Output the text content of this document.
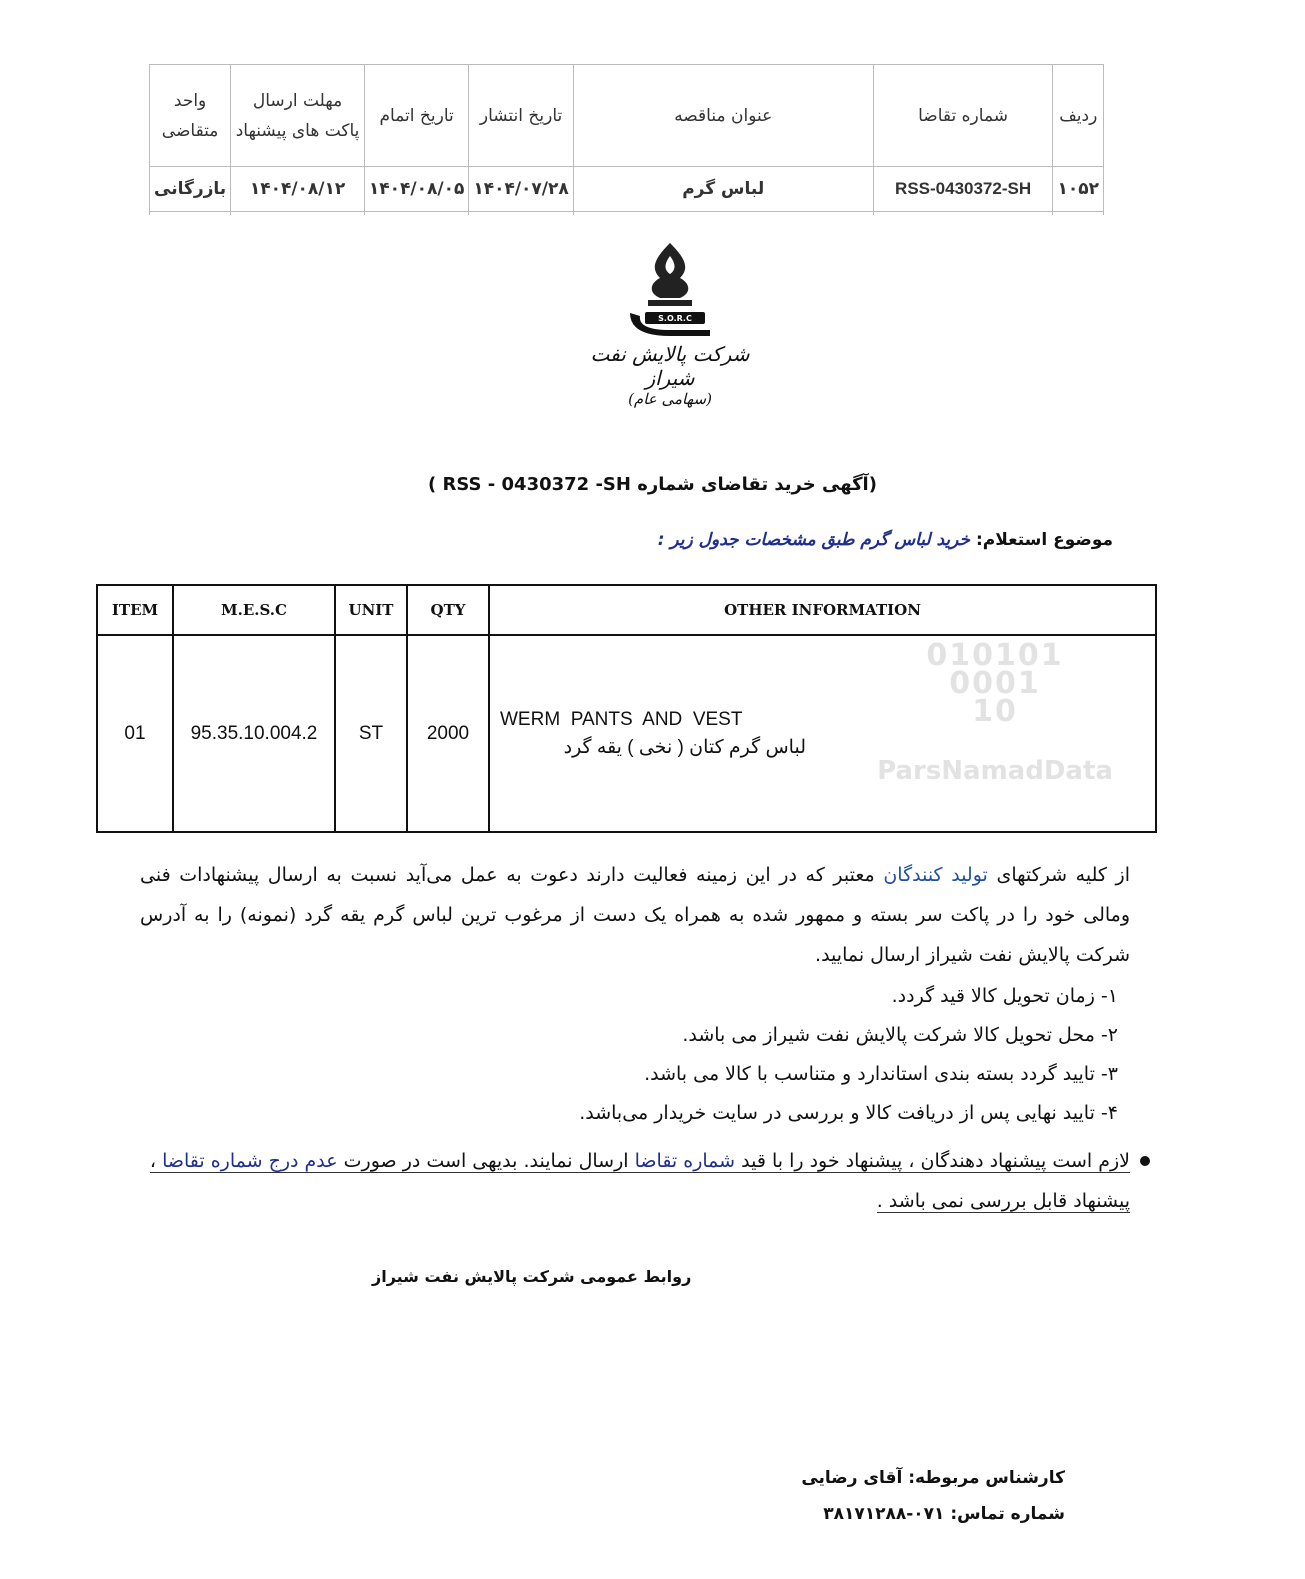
ردیف	شماره تقاضا	عنوان مناقصه	تاریخ انتشار	تاریخ اتمام	مهلت ارسال پاکت های پیشنهاد	واحد متقاضی
۱۰۵۲	RSS-0430372-SH	لباس گرم	۱۴۰۴/۰۷/۲۸	۱۴۰۴/۰۸/۰۵	۱۴۰۴/۰۸/۱۲	بازرگانی

S.O.R.C
شرکت پالایش نفت شیراز
(سهامی عام)
(آگهی خرید تقاضای شماره RSS - 0430372 -SH )
موضوع استعلام: خرید لباس گرم طبق مشخصات جدول زیر :
ITEM	M.E.S.C	UNIT	QTY	OTHER INFORMATION
01	95.35.10.004.2	ST	2000	WERM  PANTS  AND  VEST
لباس گرم کتان ( نخی ) یقه گرد
010101
0001
10
ParsNamadData
از کلیه شرکتهای تولید کنندگان معتبر که در این زمینه فعالیت دارند دعوت به عمل می‌آید نسبت به ارسال پیشنهادات فنی ومالی خود را در پاکت سر بسته و ممهور شده به همراه یک دست از مرغوب ترین لباس گرم یقه گرد (نمونه) را به آدرس شرکت پالایش نفت شیراز ارسال نمایید.
۱- زمان تحویل کالا قید گردد.
۲- محل تحویل کالا شرکت پالایش نفت شیراز می باشد.
۳- تایید گردد بسته بندی استاندارد و متناسب با کالا می باشد.
۴- تایید نهایی پس از دریافت کالا و بررسی در سایت خریدار می‌باشد.
لازم است پیشنهاد دهندگان ، پیشنهاد خود را با قید شماره تقاضا ارسال نمایند. بدیهی است در صورت عدم درج شماره تقاضا ، پیشنهاد قابل بررسی نمی باشد .
روابط عمومی شرکت پالایش نفت شیراز
کارشناس مربوطه: آقای رضایی
شماره تماس: ۰۷۱-۳۸۱۷۱۲۸۸
